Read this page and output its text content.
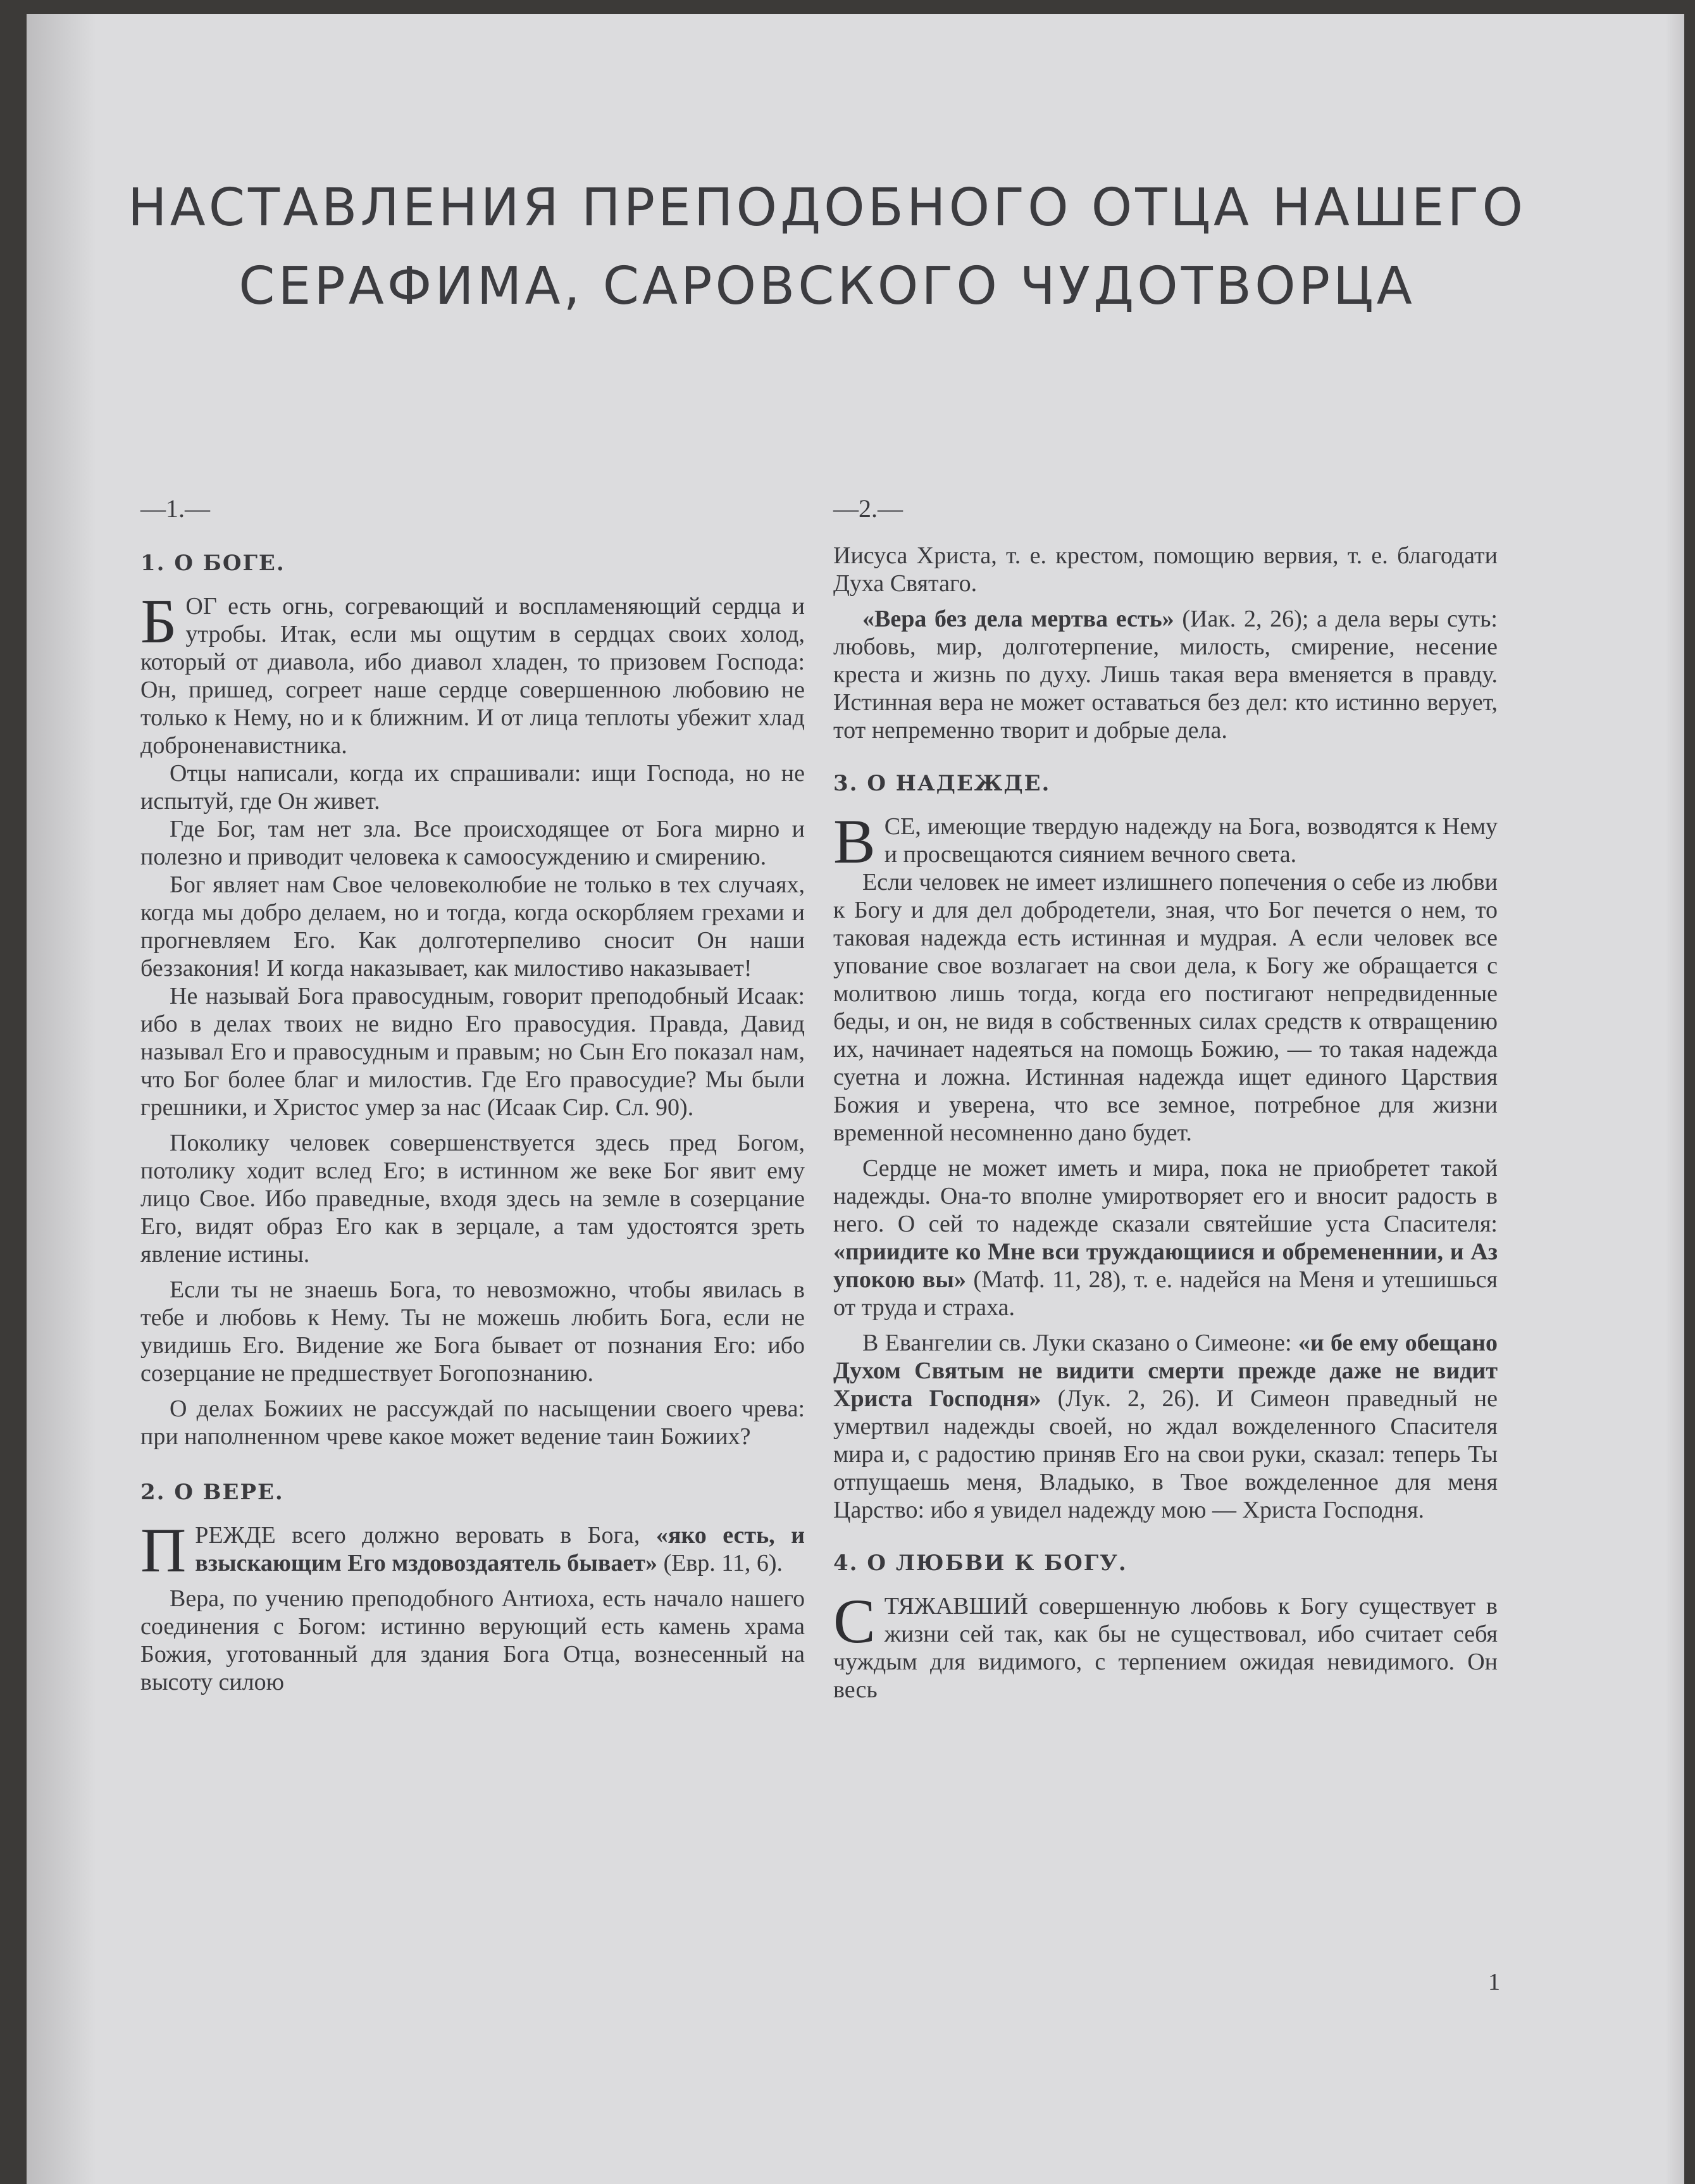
НАСТАВЛЕНИЯ ПРЕПОДОБНОГО ОТЦА НАШЕГО
СЕРАФИМА, САРОВСКОГО ЧУДОТВОРЦА
—1.—
1. О БОГЕ.

БОГ есть огнь, согревающий и воспламеняющий сердца и утробы. Итак, если мы ощутим в сердцах своих холод, который от диавола, ибо диавол хладен, то призовем Господа: Он, пришед, согреет наше сердце совершенною любовию не только к Нему, но и к ближним. И от лица теплоты убежит хлад доброненавистника.

Отцы написали, когда их спрашивали: ищи Господа, но не испытуй, где Он живет.

Где Бог, там нет зла. Все происходящее от Бога мирно и полезно и приводит человека к самоосуждению и смирению.

Бог являет нам Свое человеколюбие не только в тех случаях, когда мы добро делаем, но и тогда, когда оскорбляем грехами и прогневляем Его. Как долготерпеливо сносит Он наши беззакония! И когда наказывает, как милостиво наказывает!

Не называй Бога правосудным, говорит преподобный Исаак: ибо в делах твоих не видно Его правосудия. Правда, Давид называл Его и правосудным и правым; но Сын Его показал нам, что Бог более благ и милостив. Где Его правосудие? Мы были грешники, и Христос умер за нас (Исаак Сир. Сл. 90).

Поколику человек совершенствуется здесь пред Богом, потолику ходит вслед Его; в истинном же веке Бог явит ему лицо Свое. Ибо праведные, входя здесь на земле в созерцание Его, видят образ Его как в зерцале, а там удостоятся зреть явление истины.

Если ты не знаешь Бога, то невозможно, чтобы явилась в тебе и любовь к Нему. Ты не можешь любить Бога, если не увидишь Его. Видение же Бога бывает от познания Его: ибо созерцание не предшествует Богопознанию.

О делах Божиих не рассуждай по насыщении своего чрева: при наполненном чреве какое может ведение таин Божиих?

2. О ВЕРЕ.

ПРЕЖДЕ всего должно веровать в Бога, «яко есть, и взыскающим Его мздовоздаятель бывает» (Евр. 11, 6).

Вера, по учению преподобного Антиоха, есть начало нашего соединения с Богом: истинно верующий есть камень храма Божия, уготованный для здания Бога Отца, вознесенный на высоту силою

—2.—

Иисуса Христа, т. е. крестом, помощию вервия, т. е. благодати Духа Святаго.

«Вера без дела мертва есть» (Иак. 2, 26); а дела веры суть: любовь, мир, долготерпение, милость, смирение, несение креста и жизнь по духу. Лишь такая вера вменяется в правду. Истинная вера не может оставаться без дел: кто истинно верует, тот непременно творит и добрые дела.

3. О НАДЕЖДЕ.

ВСЕ, имеющие твердую надежду на Бога, возводятся к Нему и просвещаются сиянием вечного света.

Если человек не имеет излишнего попечения о себе из любви к Богу и для дел добродетели, зная, что Бог печется о нем, то таковая надежда есть истинная и мудрая. А если человек все упование свое возлагает на свои дела, к Богу же обращается с молитвою лишь тогда, когда его постигают непредвиденные беды, и он, не видя в собственных силах средств к отвращению их, начинает надеяться на помощь Божию, — то такая надежда суетна и ложна. Истинная надежда ищет единого Царствия Божия и уверена, что все земное, потребное для жизни временной несомненно дано будет.

Сердце не может иметь и мира, пока не приобретет такой надежды. Она-то вполне умиротворяет его и вносит радость в него. О сей то надежде сказали святейшие уста Спасителя: «приидите ко Мне вси труждающиися и обремененнии, и Аз упокою вы» (Матф. 11, 28), т. е. надейся на Меня и утешишься от труда и страха.

В Евангелии св. Луки сказано о Симеоне: «и бе ему обещано Духом Святым не видити смерти прежде даже не видит Христа Господня» (Лук. 2, 26). И Симеон праведный не умертвил надежды своей, но ждал вожделенного Спасителя мира и, с радостию приняв Его на свои руки, сказал: теперь Ты отпущаешь меня, Владыко, в Твое вожделенное для меня Царство: ибо я увидел надежду мою — Христа Господня.

4. О ЛЮБВИ К БОГУ.

СТЯЖАВШИЙ совершенную любовь к Богу существует в жизни сей так, как бы не существовал, ибо считает себя чуждым для видимого, с терпением ожидая невидимого. Он весь

1
